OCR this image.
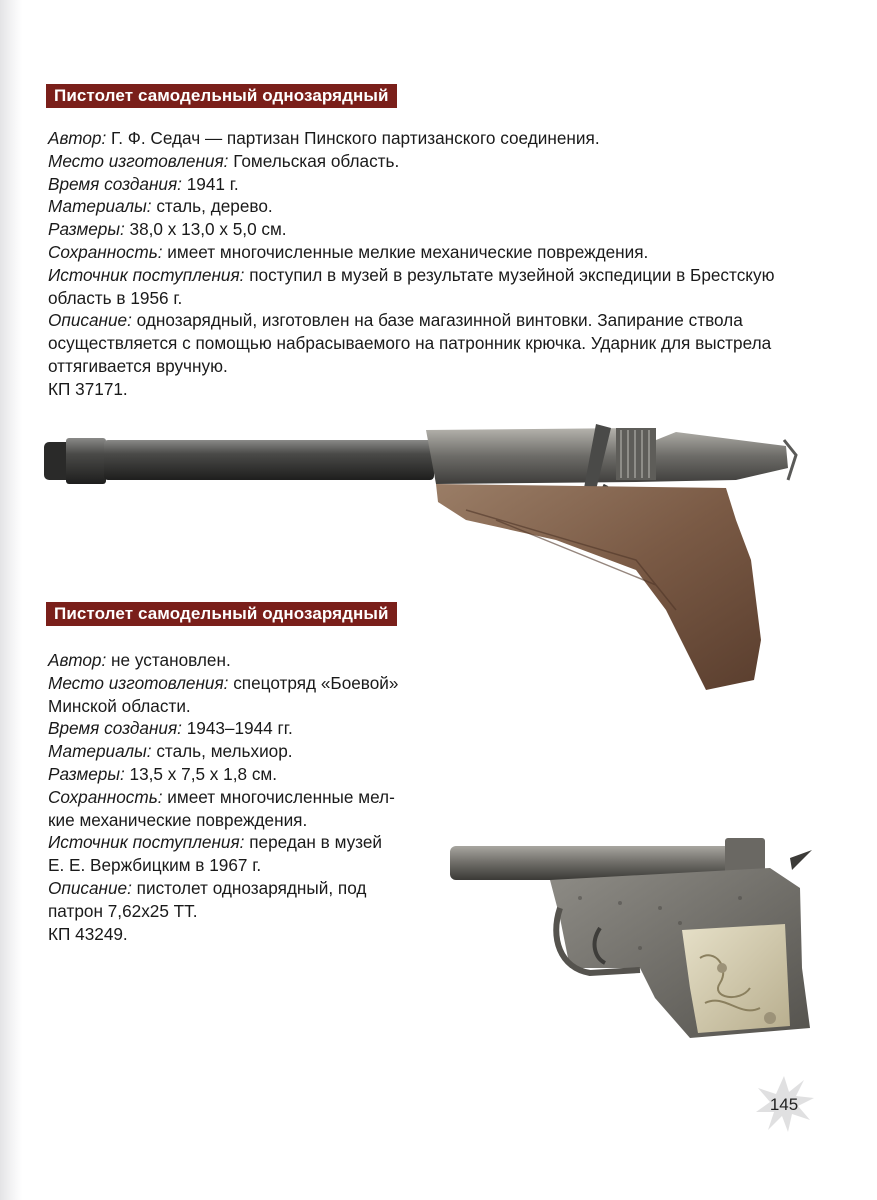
Пистолет самодельный однозарядный
Автор: Г. Ф. Седач — партизан Пинского партизанского соединения.
Место изготовления: Гомельская область.
Время создания: 1941 г.
Материалы: сталь, дерево.
Размеры: 38,0 х 13,0 х 5,0 см.
Сохранность: имеет многочисленные мелкие механические повреждения.
Источник поступления: поступил в музей в результате музейной экспедиции в Брестскую
область в 1956 г.
Описание: однозарядный, изготовлен на базе магазинной винтовки. Запирание ствола
осуществляется с помощью набрасываемого на патронник крючка. Ударник для выстрела
оттягивается вручную.
КП 37171.
Пистолет самодельный однозарядный
Автор: не установлен.
Место изготовления: спецотряд «Боевой»
Минской области.
Время создания: 1943–1944 гг.
Материалы: сталь, мельхиор.
Размеры: 13,5 х 7,5 х 1,8 см.
Сохранность: имеет многочисленные мел-
кие механические повреждения.
Источник поступления: передан в музей
Е. Е. Вержбицким в 1967 г.
Описание: пистолет однозарядный, под
патрон 7,62х25 ТТ.
КП 43249.
145
